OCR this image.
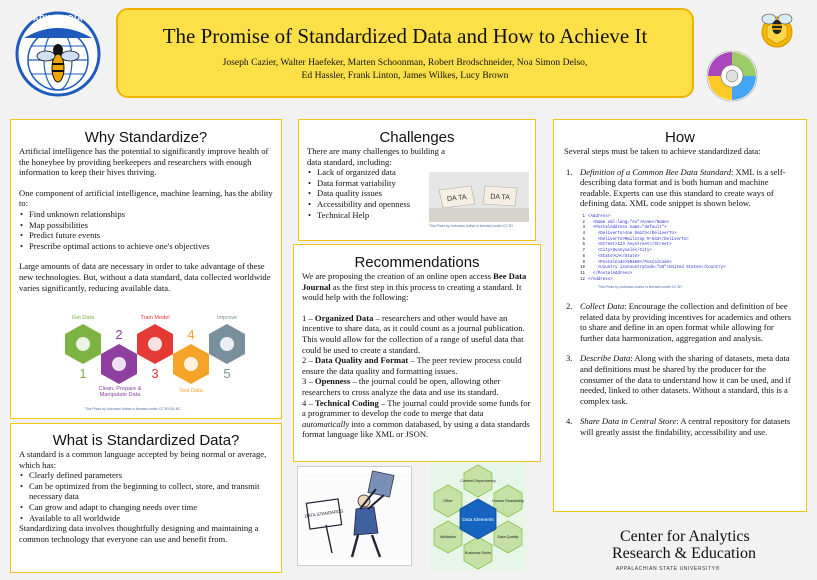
APIMONDIA
The Promise of Standardized Data and How to Achieve It
Joseph Cazier, Walter Haefeker, Marten Schoonman, Robert Brodschneider, Noa Simon Delso,
Ed Hassler, Frank Linton, James Wilkes, Lucy Brown
Why Standardize?

Artificial intelligence has the potential to significantly improve health of the honeybee by providing beekeepers and researchers with enough information to keep their hives thriving.

One component of artificial intelligence, machine learning, has the ability to:

• Find unknown relationships
• Map possibilities
• Predict future events
• Prescribe optimal actions to achieve one's objectives

Large amounts of data are necessary in order to take advantage of these new technologies. But, without a data standard, data collected worldwide varies significantly, reducing available data.

Get Data	Train Model	Improve
Test Data
1
2
3
4
5
Clean, Prepare & Manipulate Data
This Photo by Unknown Author is licensed under CC BY-SA-NC
What is Standardized Data?

A standard is a common language accepted by being normal or average, which has:

• Clearly defined parameters
• Can be optimized from the beginning to collect, store, and transmit necessary data
• Can grow and adapt to changing needs over time
• Available to all worldwide

Standardizing data involves thoughtfully designing and maintaining a common technology that everyone can use and benefit from.

Challenges

There are many challenges to building a data standard, including:

• Lack of organized data
• Data format variability
• Data quality issues
• Accessibility and openness
• Technical Help
DA TA	DA TA
This Photo by Unknown Author is licensed under CC BY
Recommendations

We are proposing the creation of an online open access Bee Data Journal as the first step in this process to creating a standard. It would help with the following:

1 – Organized Data – researchers and other would have an incentive to share data, as it could count as a journal publication. This would allow for the collection of a range of useful data that could be used to create a standard.

2 – Data Quality and Format – The peer review process could ensure the data quality and formatting issues.

3 – Openness – the journal could be open, allowing other researchers to cross analyze the data and use its standard.

4 – Technical Coding – The journal could provide some funds for a programmer to develop the code to merge that data automatically into a common databased, by using a data standards format language like XML or JSON.

DATA STANDARDS
Context Dependency
Human Readability
Data Quality
Business Rules
Validation
Other
Data Elements
How

Several steps must be taken to achieve standardized data:

1. Definition of a Common Bee Data Standard: XML is a self-describing data format and is both human and machine readable. Experts can use this standard to create ways of defining data. XML code snippet is shown below.
1 <Address>
2  <Name xml:lang="en">Acme</Name>
3  <PostalAddress name="default">
4    <DeliverTo>Joe Smith</DeliverTo>
5    <DeliverTo>Mailstop M-543</DeliverTo>
6    <Street>123 Anystreet</Street>
7    <City>Sunnyvale</City>
8    <State>CA</State>
9    <PostalCode>90489</PostalCode>
10    <Country isoCountryCode="US">United States</Country>
11  </PostalAddress>
12 </Address>
This Photo by Unknown Author is licensed under CC BY
2. Collect Data: Encourage the collection and definition of bee related data by providing incentives for academics and others to share and define in an open format while allowing for further data harmonization, aggregation and analysis.
3. Describe Data: Along with the sharing of datasets, meta data and definitions must be shared by the producer for the consumer of the data to understand how it can be used, and if needed, linked to other datasets. Without a standard, this is a complex task.
4. Share Data in Central Store: A central repository for datasets will greatly assist the findability, accessibility and use.
Center for Analytics
Research & Education
APPALACHIAN STATE UNIVERSITY®
